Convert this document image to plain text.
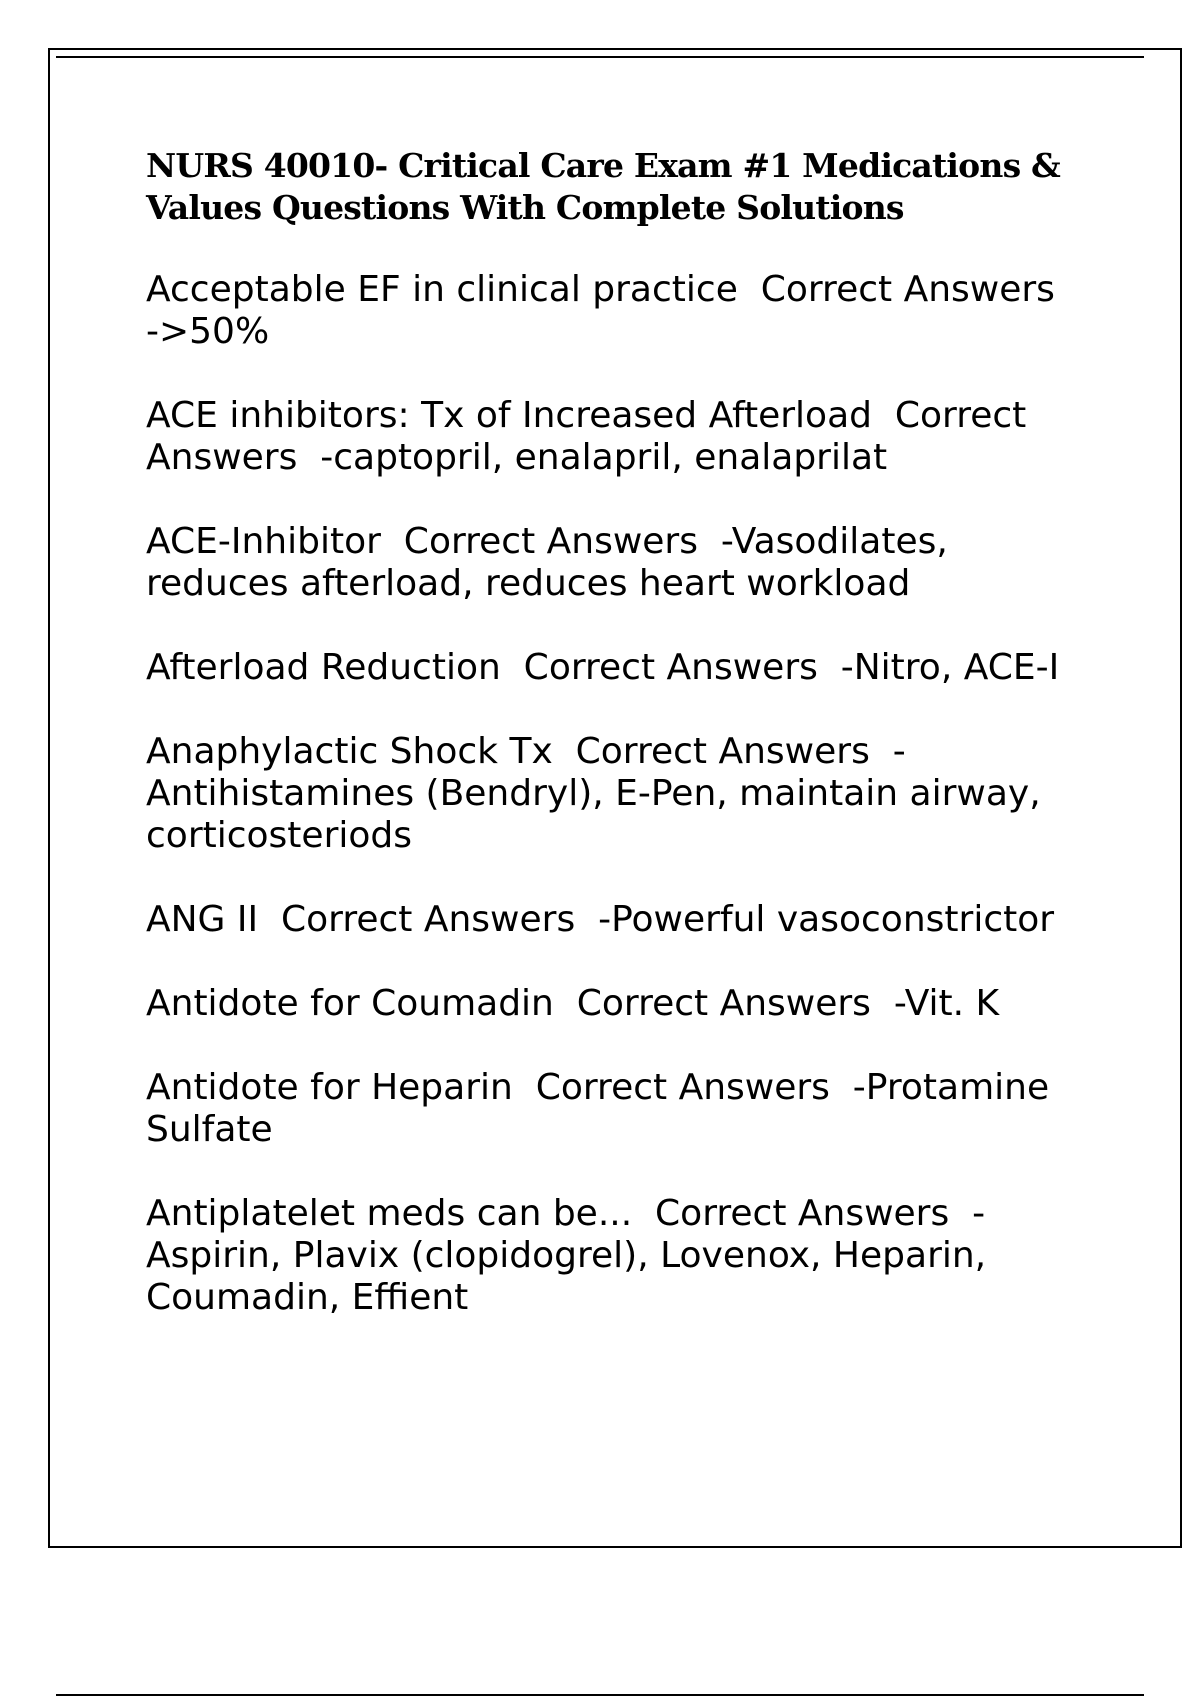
NURS 40010- Critical Care Exam #1 Medications & Values Questions With Complete Solutions
Acceptable EF in clinical practice  Correct Answers  ->50%
ACE inhibitors: Tx of Increased Afterload  Correct Answers  -captopril, enalapril, enalaprilat
ACE-Inhibitor  Correct Answers  -Vasodilates, reduces afterload, reduces heart workload
Afterload Reduction  Correct Answers  -Nitro, ACE-I
Anaphylactic Shock Tx  Correct Answers  -Antihistamines (Bendryl), E-Pen, maintain airway, corticosteriods
ANG II  Correct Answers  -Powerful vasoconstrictor
Antidote for Coumadin  Correct Answers  -Vit. K
Antidote for Heparin  Correct Answers  -Protamine Sulfate
Antiplatelet meds can be...  Correct Answers  -Aspirin, Plavix (clopidogrel), Lovenox, Heparin, Coumadin, Effient
